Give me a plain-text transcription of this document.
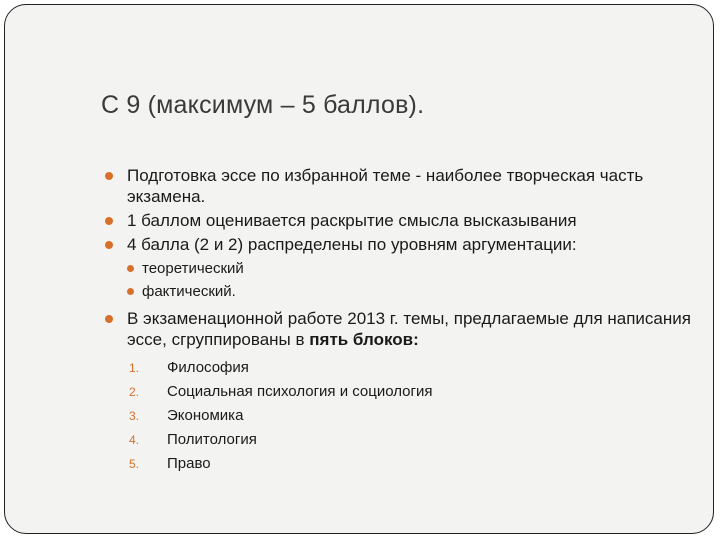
С 9 (максимум – 5 баллов).
Подготовка эссе по избранной теме - наиболее творческая часть экзамена.
1 баллом оценивается раскрытие смысла высказывания
4 балла (2 и 2) распределены по уровням аргументации:
теоретический
фактический.
В экзаменационной работе 2013 г. темы, предлагаемые для написания эссе, сгруппированы в пять блоков:
1.	Философия
2.	Социальная психология и социология
3.	Экономика
4.	Политология
5.	Право
